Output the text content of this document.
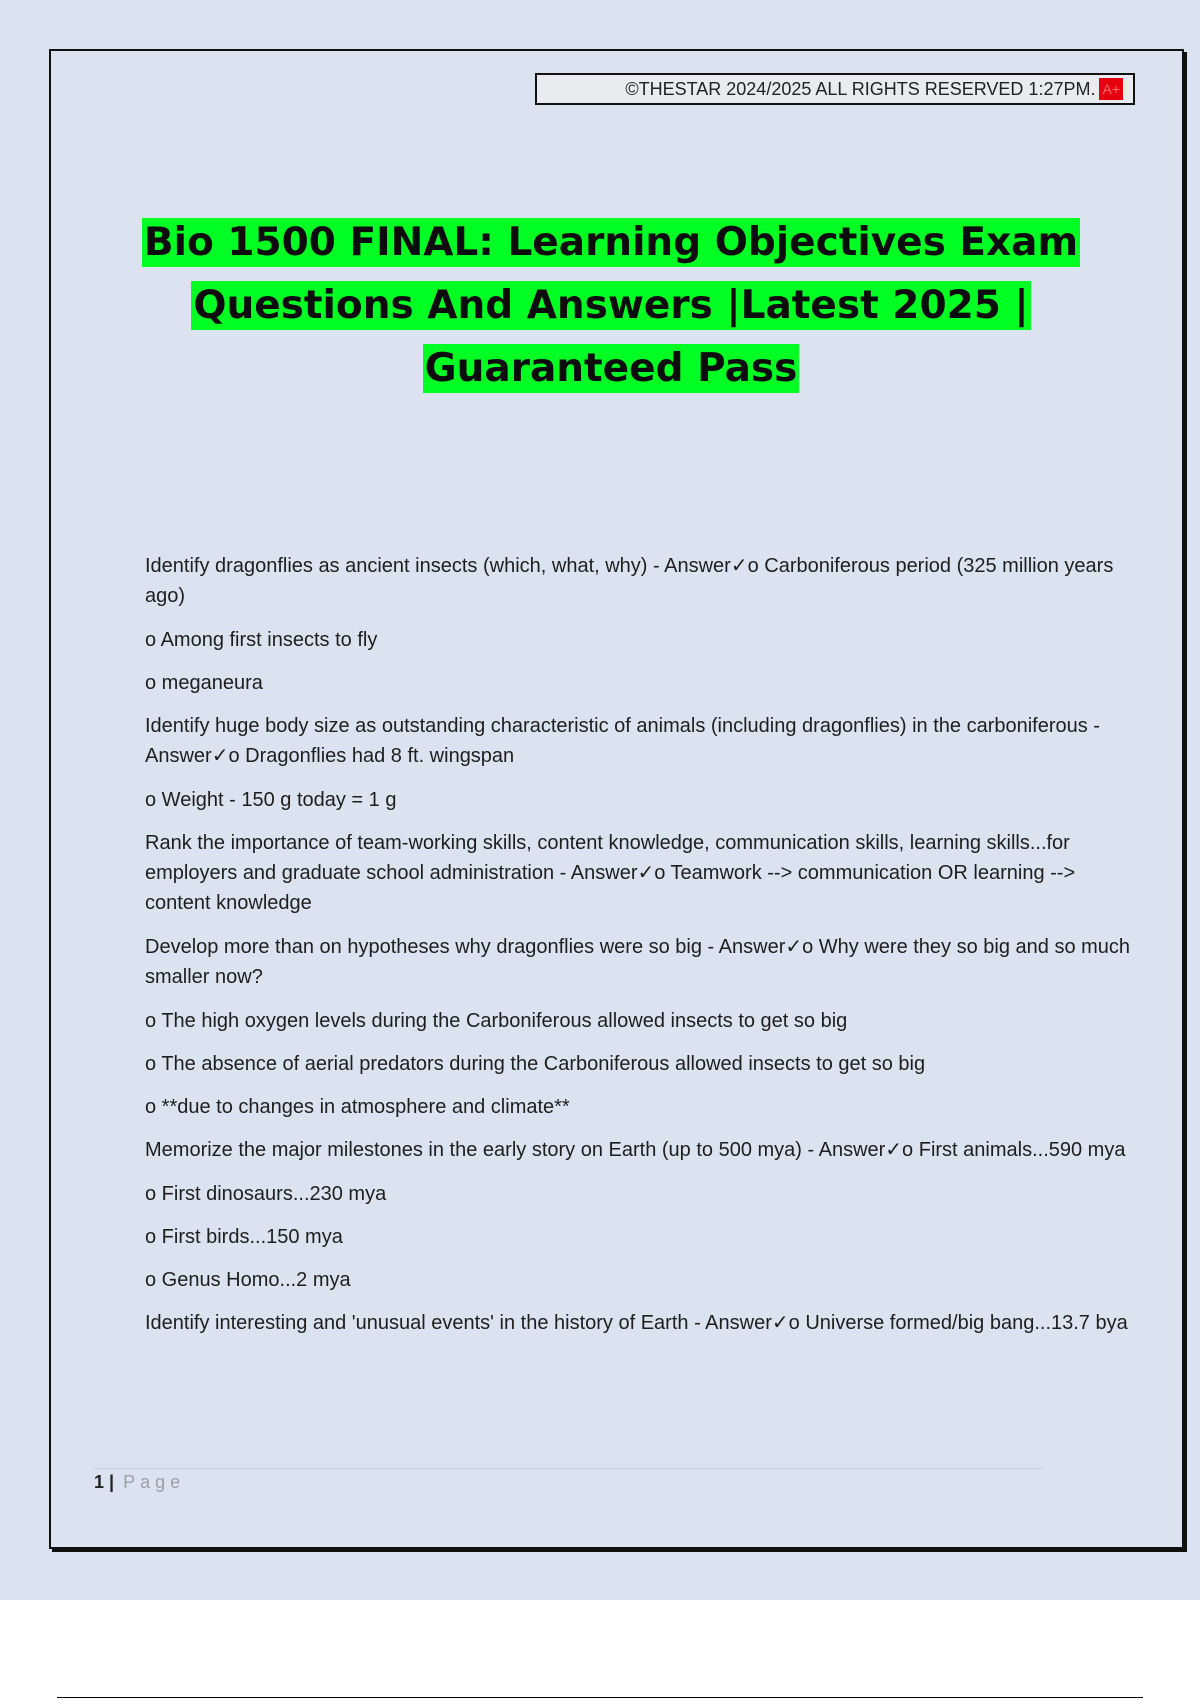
©THESTAR 2024/2025 ALL RIGHTS RESERVED 1:27PM. A+
Bio 1500 FINAL: Learning Objectives Exam
Questions And Answers |Latest 2025 |
Guaranteed Pass

Identify dragonflies as ancient insects (which, what, why) - Answer✓o Carboniferous period (325 million years ago)

o Among first insects to fly

o meganeura

Identify huge body size as outstanding characteristic of animals (including dragonflies) in the carboniferous - Answer✓o Dragonflies had 8 ft. wingspan

o Weight - 150 g today = 1 g

Rank the importance of team-working skills, content knowledge, communication skills, learning skills...for employers and graduate school administration - Answer✓o Teamwork --> communication OR learning --> content knowledge

Develop more than on hypotheses why dragonflies were so big - Answer✓o Why were they so big and so much smaller now?

o The high oxygen levels during the Carboniferous allowed insects to get so big

o The absence of aerial predators during the Carboniferous allowed insects to get so big

o **due to changes in atmosphere and climate**

Memorize the major milestones in the early story on Earth (up to 500 mya) - Answer✓o First animals...590 mya

o First dinosaurs...230 mya

o First birds...150 mya

o Genus Homo...2 mya

Identify interesting and 'unusual events' in the history of Earth - Answer✓o Universe formed/big bang...13.7 bya

1 | Page
